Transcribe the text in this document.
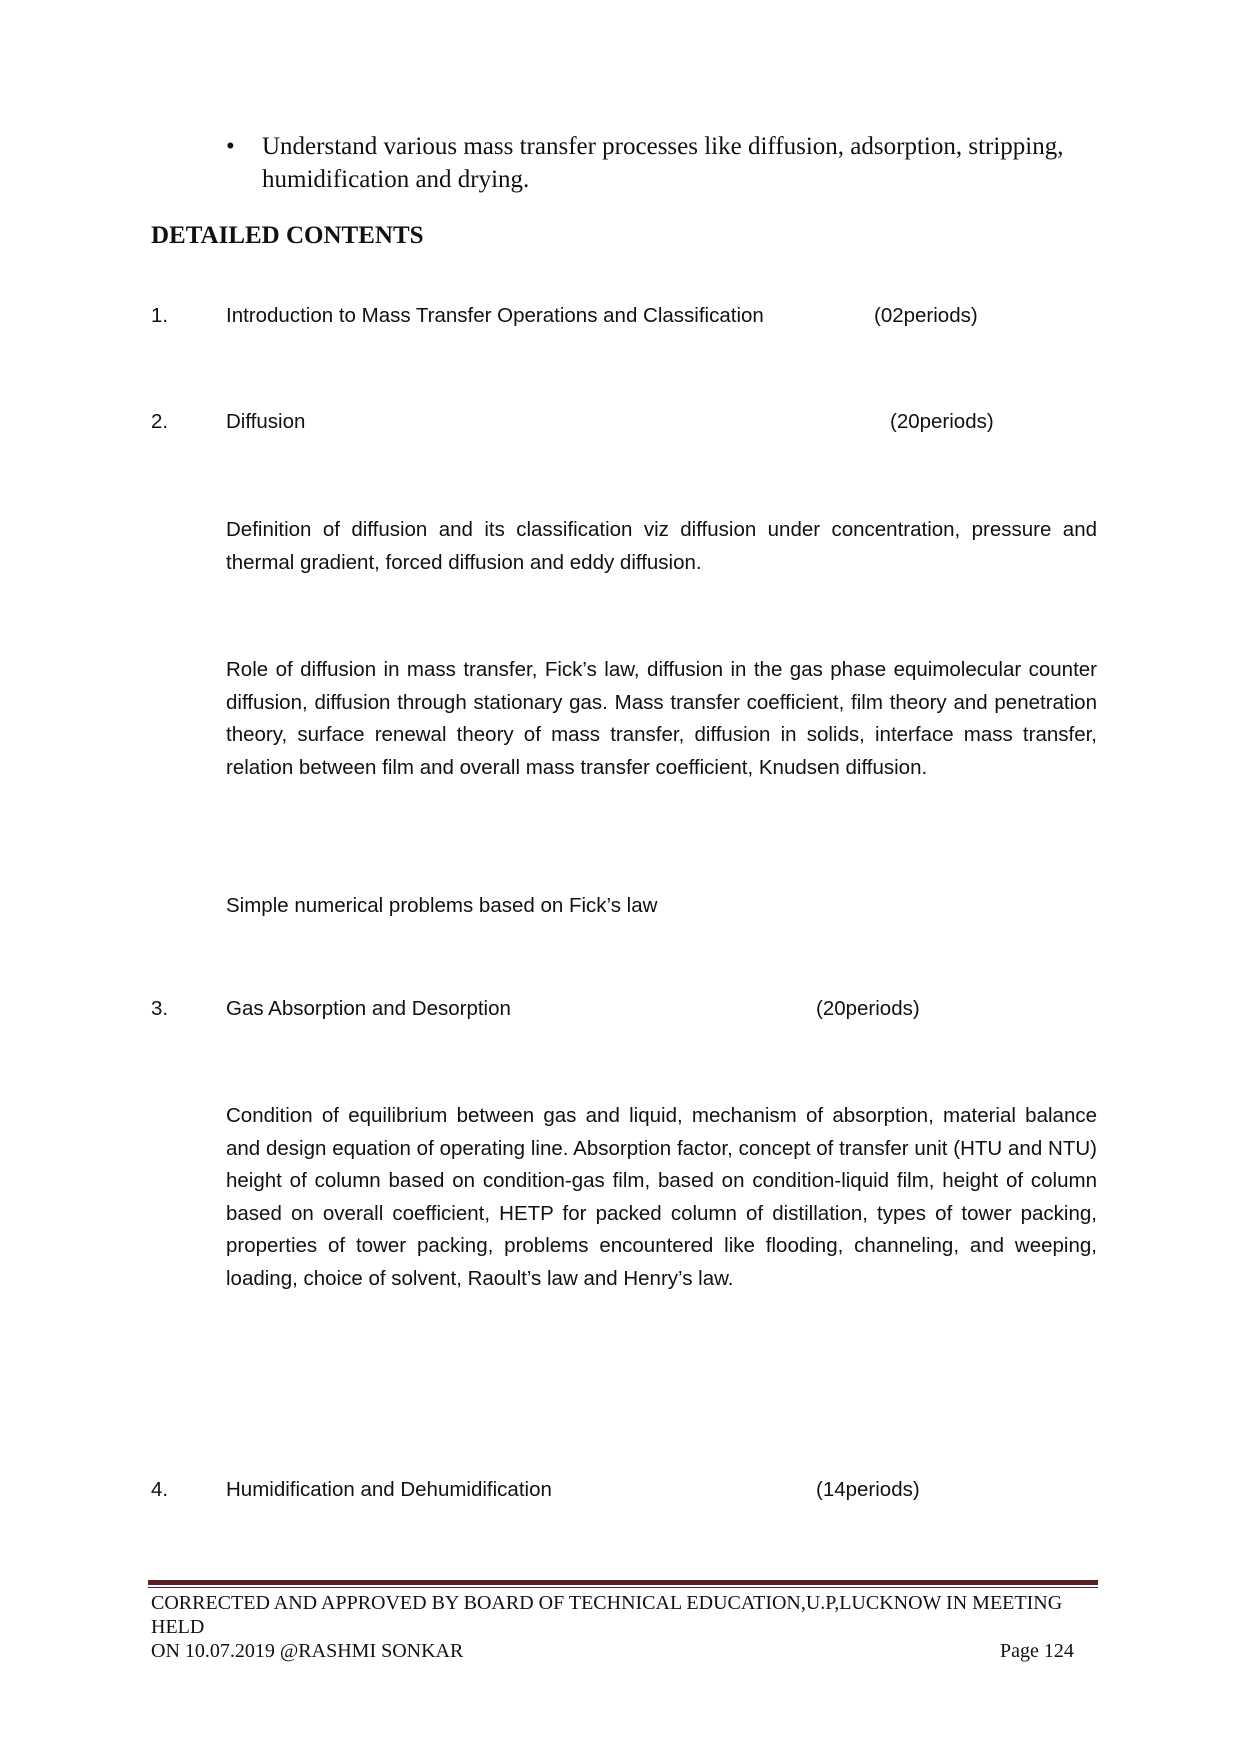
•	Understand various mass transfer processes like diffusion, adsorption, stripping, humidification and drying.
DETAILED CONTENTS
1.	Introduction to Mass Transfer Operations and Classification	(02periods)
2.	Diffusion	(20periods)
Definition of diffusion and its classification viz diffusion under concentration, pressure and thermal gradient, forced diffusion and eddy diffusion.
Role of diffusion in mass transfer, Fick’s law, diffusion in the gas phase equimolecular counter diffusion, diffusion through stationary gas. Mass transfer coefficient, film theory and penetration theory, surface renewal theory of mass transfer, diffusion in solids, interface mass transfer, relation between film and overall mass transfer coefficient, Knudsen diffusion.
Simple numerical problems based on Fick’s law
3.	Gas Absorption and Desorption	(20periods)
Condition of equilibrium between gas and liquid, mechanism of absorption, material balance and design equation of operating line. Absorption factor, concept of transfer unit (HTU and NTU) height of column based on condition-gas film, based on condition-liquid film, height of column based on overall coefficient, HETP for packed column of distillation, types of tower packing, properties of tower packing, problems encountered like flooding, channeling, and weeping, loading, choice of solvent, Raoult’s law and Henry’s law.
4.	Humidification and Dehumidification	(14periods)
CORRECTED AND APPROVED BY BOARD OF TECHNICAL EDUCATION,U.P,LUCKNOW IN MEETING HELD
ON 10.07.2019 @RASHMI SONKAR	Page 124
